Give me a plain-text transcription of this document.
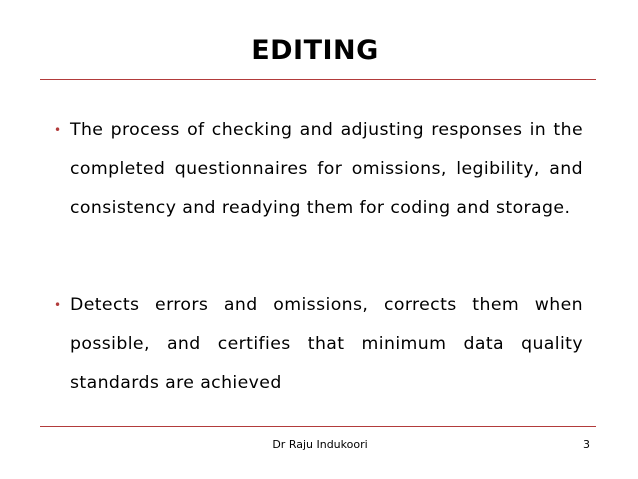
EDITING
• The process of checking and adjusting responses in the completed questionnaires for omissions, legibility, and consistency and readying them for coding and storage.
• Detects errors and omissions, corrects them when possible, and certifies that minimum data quality standards are achieved
Dr Raju Indukoori	3
